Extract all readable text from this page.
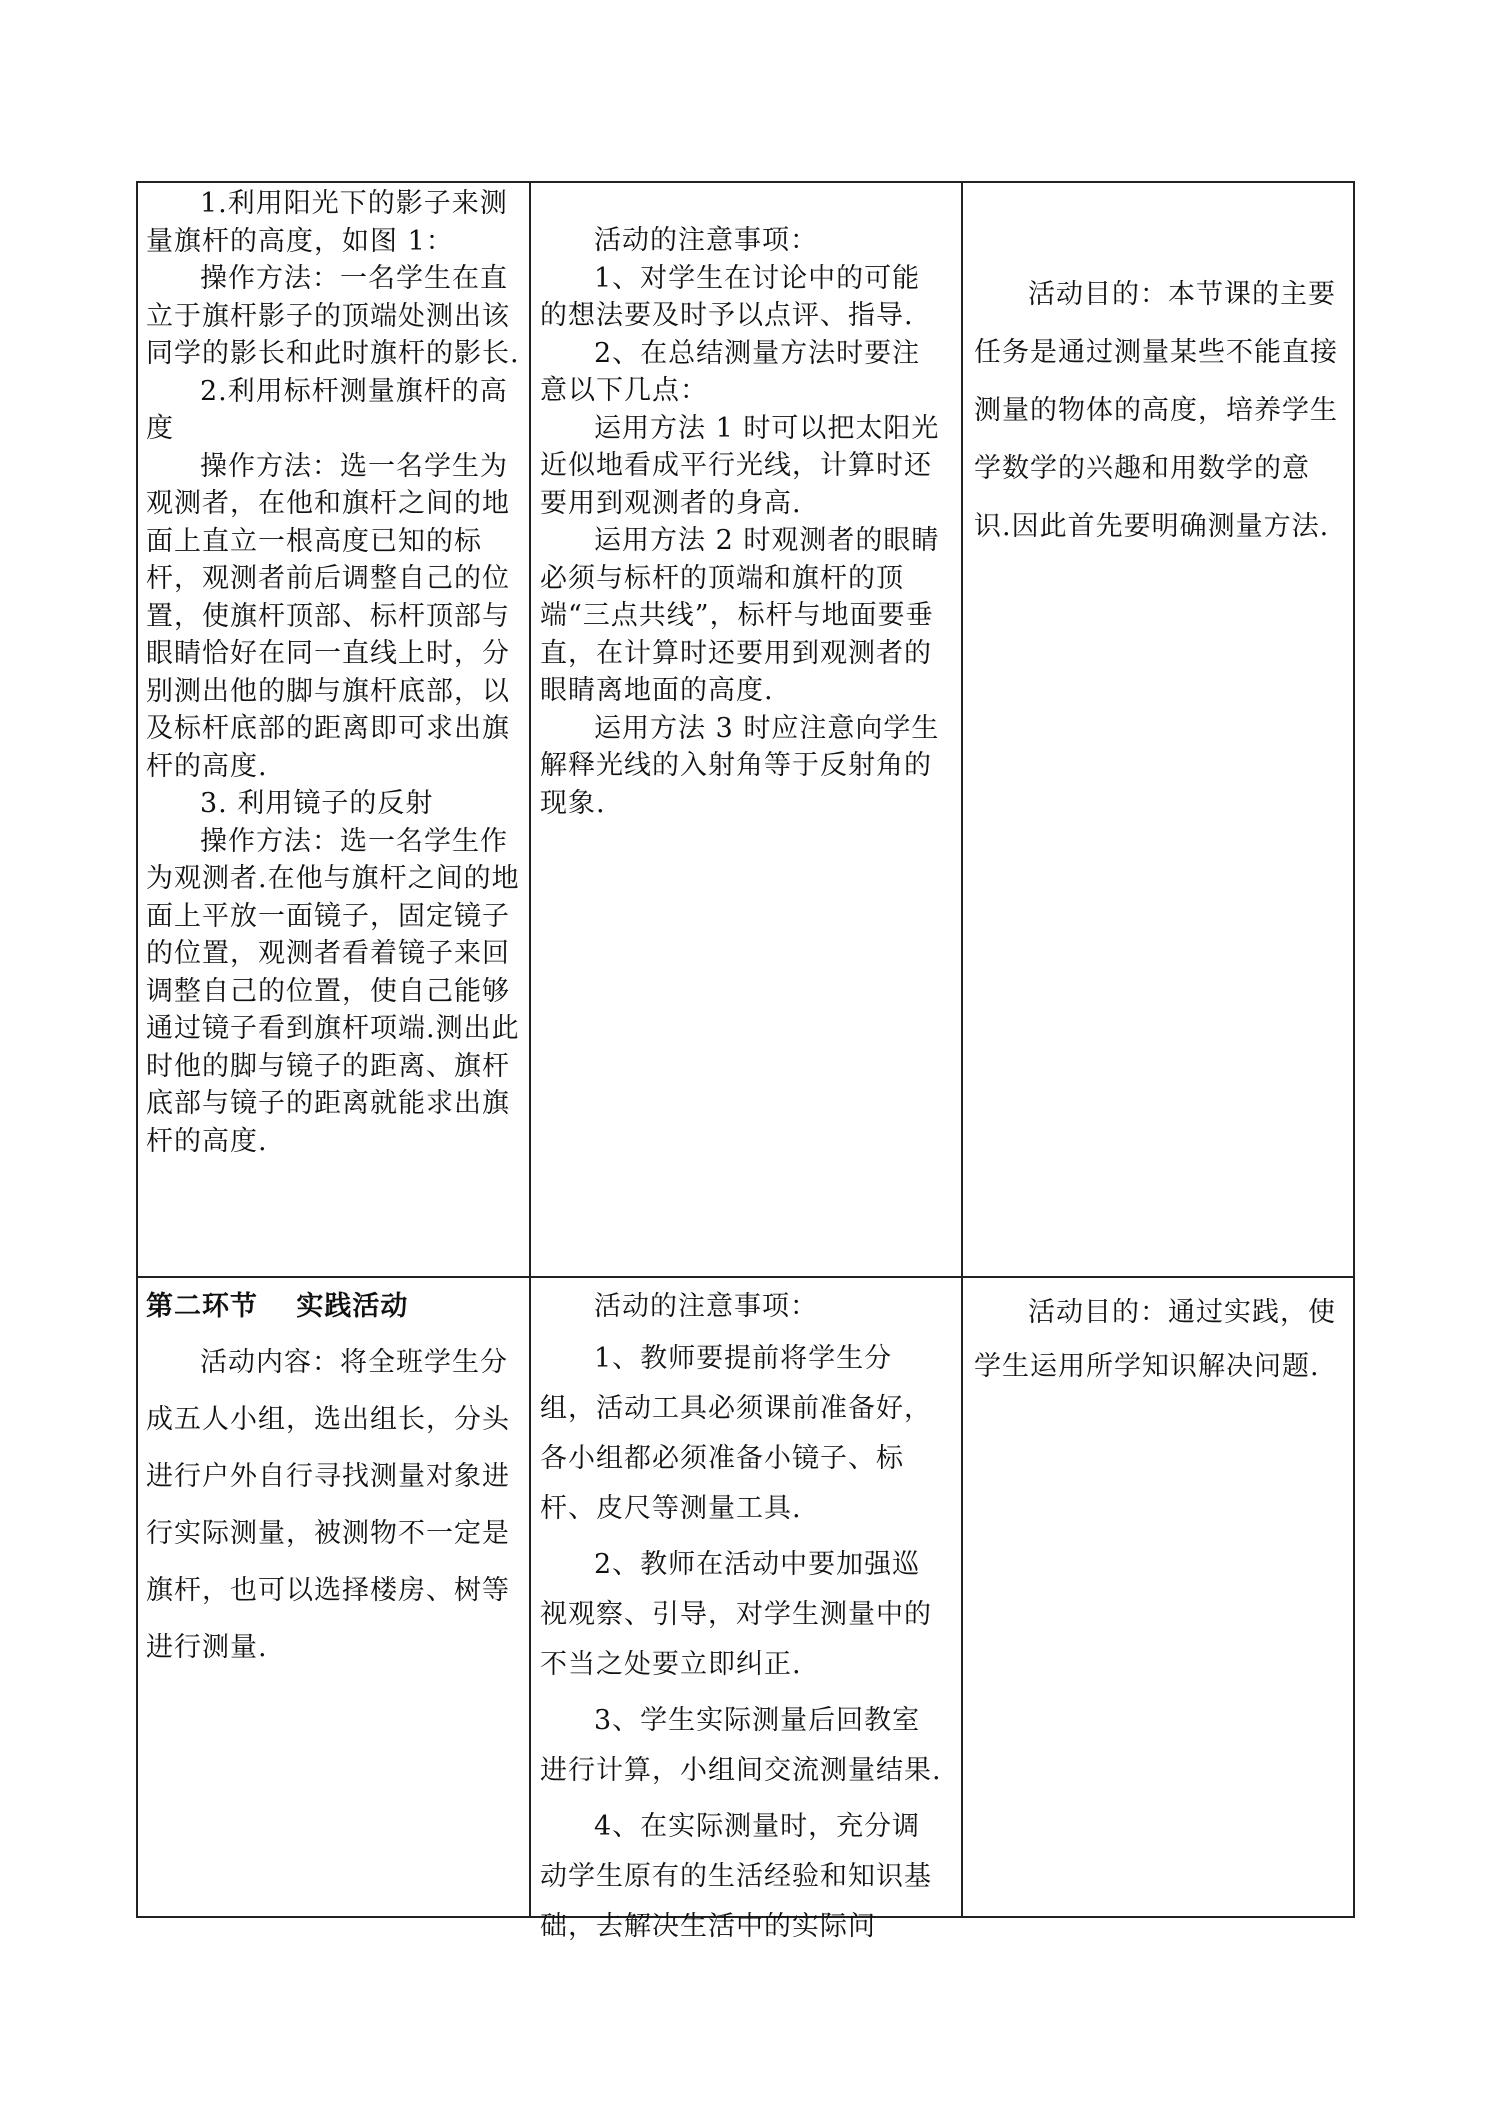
1.利用阳光下的影子来测量旗杆的高度，如图 1：

操作方法：一名学生在直立于旗杆影子的顶端处测出该同学的影长和此时旗杆的影长.

2.利用标杆测量旗杆的高度

操作方法：选一名学生为观测者，在他和旗杆之间的地面上直立一根高度已知的标杆，观测者前后调整自己的位置，使旗杆顶部、标杆顶部与眼睛恰好在同一直线上时，分别测出他的脚与旗杆底部，以及标杆底部的距离即可求出旗杆的高度.

3. 利用镜子的反射

操作方法：选一名学生作为观测者.在他与旗杆之间的地面上平放一面镜子，固定镜子的位置，观测者看着镜子来回调整自己的位置，使自己能够通过镜子看到旗杆项端.测出此时他的脚与镜子的距离、旗杆底部与镜子的距离就能求出旗杆的高度.

活动的注意事项：

1、对学生在讨论中的可能的想法要及时予以点评、指导.

2、在总结测量方法时要注意以下几点：

运用方法 1 时可以把太阳光近似地看成平行光线，计算时还要用到观测者的身高.

运用方法 2 时观测者的眼睛必须与标杆的顶端和旗杆的顶端“三点共线”，标杆与地面要垂直，在计算时还要用到观测者的眼睛离地面的高度.

运用方法 3 时应注意向学生解释光线的入射角等于反射角的现象.

活动目的：本节课的主要任务是通过测量某些不能直接测量的物体的高度，培养学生学数学的兴趣和用数学的意识.因此首先要明确测量方法.

第二环节　 实践活动

活动内容：将全班学生分成五人小组，选出组长，分头进行户外自行寻找测量对象进行实际测量，被测物不一定是旗杆，也可以选择楼房、树等进行测量.

活动的注意事项：

1、教师要提前将学生分组，活动工具必须课前准备好，各小组都必须准备小镜子、标杆、皮尺等测量工具.

2、教师在活动中要加强巡视观察、引导，对学生测量中的不当之处要立即纠正.

3、学生实际测量后回教室进行计算，小组间交流测量结果.

4、在实际测量时，充分调动学生原有的生活经验和知识基础，去解决生活中的实际问

活动目的：通过实践，使学生运用所学知识解决问题.
